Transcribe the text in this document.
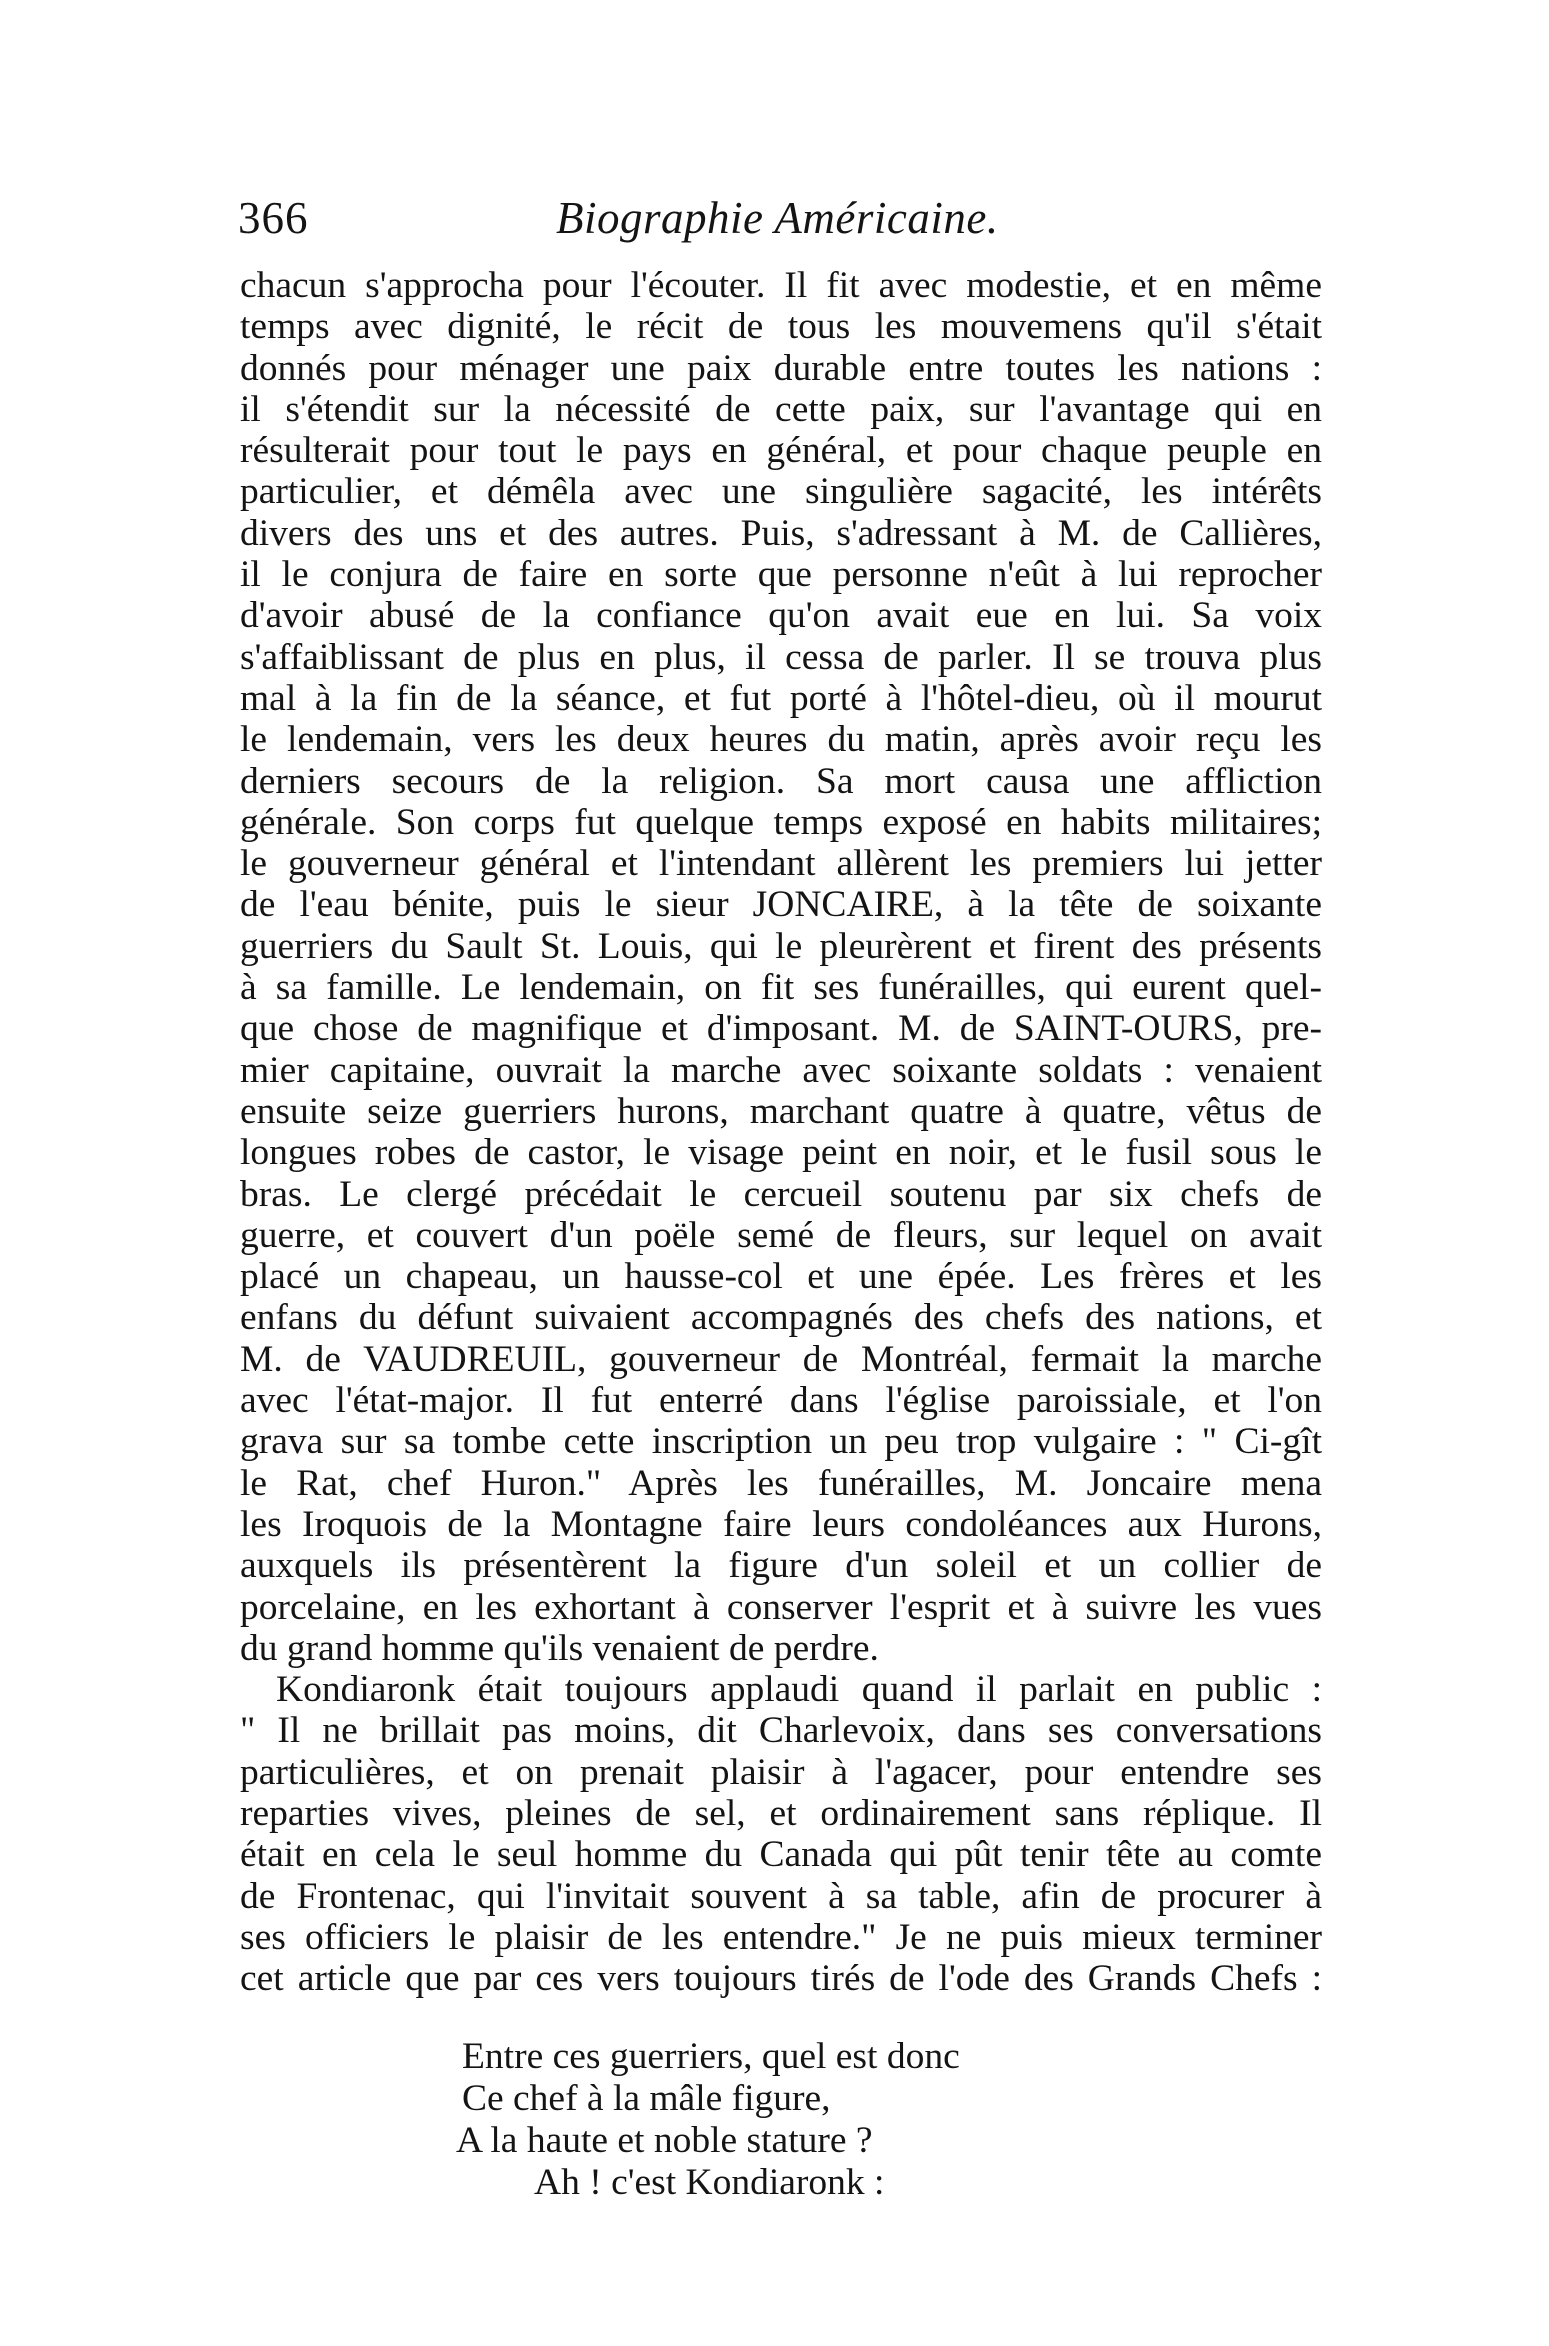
366	Biographie Américaine.
chacun s'approcha pour l'écouter. Il fit avec modestie, et en même
temps avec dignité, le récit de tous les mouvemens qu'il s'était
donnés pour ménager une paix durable entre toutes les nations :
il s'étendit sur la nécessité de cette paix, sur l'avantage qui en
résulterait pour tout le pays en général, et pour chaque peuple en
particulier, et démêla avec une singulière sagacité, les intérêts
divers des uns et des autres. Puis, s'adressant à M. de Callières,
il le conjura de faire en sorte que personne n'eût à lui reprocher
d'avoir abusé de la confiance qu'on avait eue en lui. Sa voix
s'affaiblissant de plus en plus, il cessa de parler. Il se trouva plus
mal à la fin de la séance, et fut porté à l'hôtel-dieu, où il mourut
le lendemain, vers les deux heures du matin, après avoir reçu les
derniers secours de la religion. Sa mort causa une affliction
générale. Son corps fut quelque temps exposé en habits militaires;
le gouverneur général et l'intendant allèrent les premiers lui jetter
de l'eau bénite, puis le sieur JONCAIRE, à la tête de soixante
guerriers du Sault St. Louis, qui le pleurèrent et firent des présents
à sa famille. Le lendemain, on fit ses funérailles, qui eurent quel-
que chose de magnifique et d'imposant. M. de SAINT-OURS, pre-
mier capitaine, ouvrait la marche avec soixante soldats : venaient
ensuite seize guerriers hurons, marchant quatre à quatre, vêtus de
longues robes de castor, le visage peint en noir, et le fusil sous le
bras. Le clergé précédait le cercueil soutenu par six chefs de
guerre, et couvert d'un poële semé de fleurs, sur lequel on avait
placé un chapeau, un hausse-col et une épée. Les frères et les
enfans du défunt suivaient accompagnés des chefs des nations, et
M. de VAUDREUIL, gouverneur de Montréal, fermait la marche
avec l'état-major. Il fut enterré dans l'église paroissiale, et l'on
grava sur sa tombe cette inscription un peu trop vulgaire : " Ci-gît
le Rat, chef Huron." Après les funérailles, M. Joncaire mena
les Iroquois de la Montagne faire leurs condoléances aux Hurons,
auxquels ils présentèrent la figure d'un soleil et un collier de
porcelaine, en les exhortant à conserver l'esprit et à suivre les vues
du grand homme qu'ils venaient de perdre.
Kondiaronk était toujours applaudi quand il parlait en public :
" Il ne brillait pas moins, dit Charlevoix, dans ses conversations
particulières, et on prenait plaisir à l'agacer, pour entendre ses
reparties vives, pleines de sel, et ordinairement sans réplique. Il
était en cela le seul homme du Canada qui pût tenir tête au comte
de Frontenac, qui l'invitait souvent à sa table, afin de procurer à
ses officiers le plaisir de les entendre." Je ne puis mieux terminer
cet article que par ces vers toujours tirés de l'ode des Grands Chefs :
Entre ces guerriers, quel est donc
Ce chef à la mâle figure,
A la haute et noble stature ?
Ah ! c'est Kondiaronk :
